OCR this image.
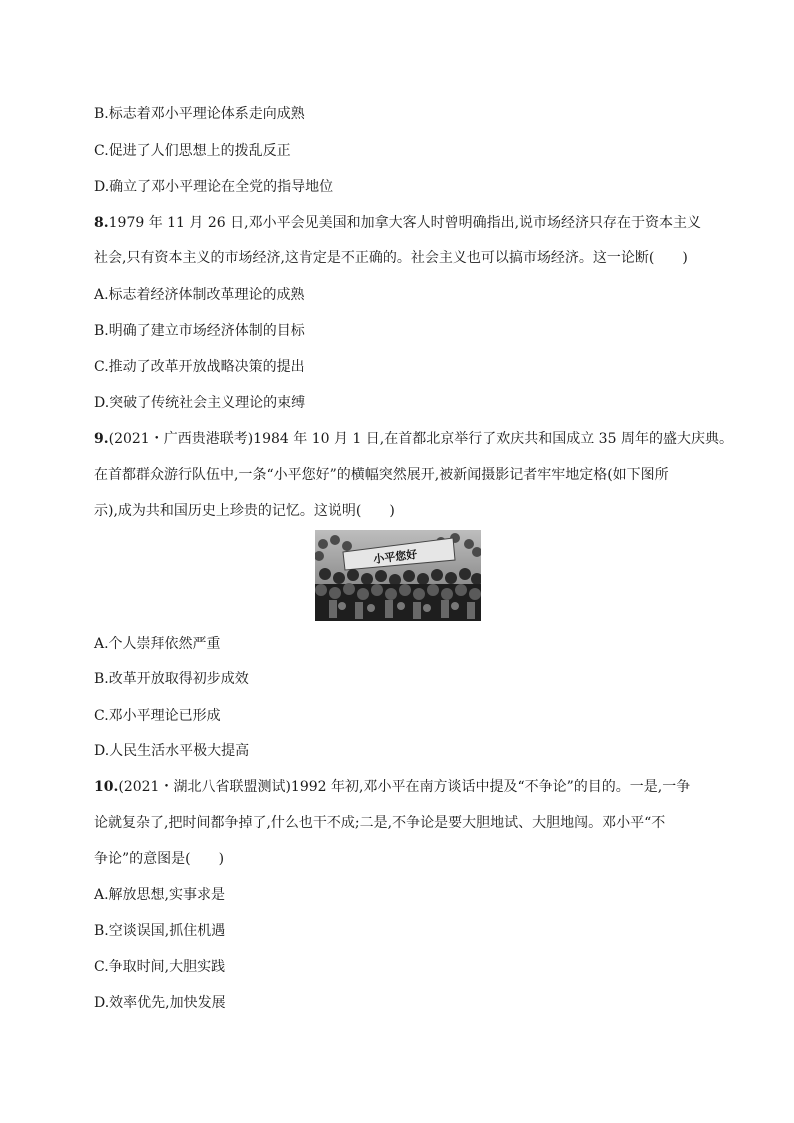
B.标志着邓小平理论体系走向成熟
C.促进了人们思想上的拨乱反正
D.确立了邓小平理论在全党的指导地位
8.1979 年 11 月 26 日,邓小平会见美国和加拿大客人时曾明确指出,说市场经济只存在于资本主义
社会,只有资本主义的市场经济,这肯定是不正确的。社会主义也可以搞市场经济。这一论断(　　)
A.标志着经济体制改革理论的成熟
B.明确了建立市场经济体制的目标
C.推动了改革开放战略决策的提出
D.突破了传统社会主义理论的束缚
9.(2021・广西贵港联考)1984 年 10 月 1 日,在首都北京举行了欢庆共和国成立 35 周年的盛大庆典。
在首都群众游行队伍中,一条“小平您好”的横幅突然展开,被新闻摄影记者牢牢地定格(如下图所
示),成为共和国历史上珍贵的记忆。这说明(　　)
小平您好
A.个人崇拜依然严重
B.改革开放取得初步成效
C.邓小平理论已形成
D.人民生活水平极大提高
10.(2021・湖北八省联盟测试)1992 年初,邓小平在南方谈话中提及“不争论”的目的。一是,一争
论就复杂了,把时间都争掉了,什么也干不成;二是,不争论是要大胆地试、大胆地闯。邓小平“不
争论”的意图是(　　)
A.解放思想,实事求是
B.空谈误国,抓住机遇
C.争取时间,大胆实践
D.效率优先,加快发展
